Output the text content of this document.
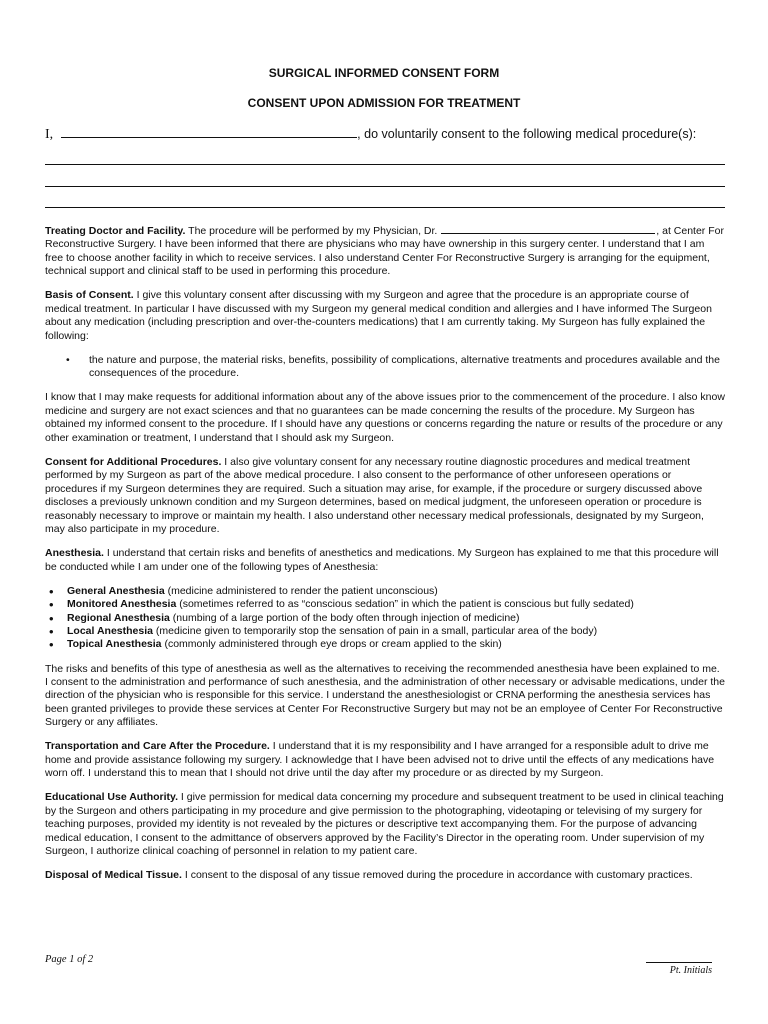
SURGICAL INFORMED CONSENT FORM
CONSENT UPON ADMISSION FOR TREATMENT
I,	, do voluntarily consent to the following medical procedure(s):

Treating Doctor and Facility. The procedure will be performed by my Physician, Dr.	, at Center For Reconstructive Surgery. I have been informed that there are physicians who may have ownership in this surgery center. I understand that I am free to choose another facility in which to receive services. I also understand Center For Reconstructive Surgery is arranging for the equipment, technical support and clinical staff to be used in performing this procedure.

Basis of Consent. I give this voluntary consent after discussing with my Surgeon and agree that the procedure is an appropriate course of medical treatment. In particular I have discussed with my Surgeon my general medical condition and allergies and I have informed The Surgeon about any medication (including prescription and over-the-counters medications) that I am currently taking. My Surgeon has fully explained the following:

• the nature and purpose, the material risks, benefits, possibility of complications, alternative treatments and procedures available and the consequences of the procedure.

I know that I may make requests for additional information about any of the above issues prior to the commencement of the procedure. I also know medicine and surgery are not exact sciences and that no guarantees can be made concerning the results of the procedure. My Surgeon has obtained my informed consent to the procedure. If I should have any questions or concerns regarding the nature or results of the procedure or any other examination or treatment, I understand that I should ask my Surgeon.

Consent for Additional Procedures. I also give voluntary consent for any necessary routine diagnostic procedures and medical treatment performed by my Surgeon as part of the above medical procedure. I also consent to the performance of other unforeseen operations or procedures if my Surgeon determines they are required. Such a situation may arise, for example, if the procedure or surgery discussed above discloses a previously unknown condition and my Surgeon determines, based on medical judgment, the unforeseen operation or procedure is reasonably necessary to improve or maintain my health. I also understand other necessary medical professionals, designated by my Surgeon, may also participate in my procedure.

Anesthesia. I understand that certain risks and benefits of anesthetics and medications. My Surgeon has explained to me that this procedure will be conducted while I am under one of the following types of Anesthesia:

• General Anesthesia (medicine administered to render the patient unconscious)
• Monitored Anesthesia (sometimes referred to as “conscious sedation” in which the patient is conscious but fully sedated)
• Regional Anesthesia (numbing of a large portion of the body often through injection of medicine)
• Local Anesthesia (medicine given to temporarily stop the sensation of pain in a small, particular area of the body)
• Topical Anesthesia (commonly administered through eye drops or cream applied to the skin)

The risks and benefits of this type of anesthesia as well as the alternatives to receiving the recommended anesthesia have been explained to me. I consent to the administration and performance of such anesthesia, and the administration of other necessary or advisable medications, under the direction of the physician who is responsible for this service. I understand the anesthesiologist or CRNA performing the anesthesia services has been granted privileges to provide these services at Center For Reconstructive Surgery but may not be an employee of Center For Reconstructive Surgery or any affiliates.

Transportation and Care After the Procedure. I understand that it is my responsibility and I have arranged for a responsible adult to drive me home and provide assistance following my surgery. I acknowledge that I have been advised not to drive until the effects of any medications have worn off. I understand this to mean that I should not drive until the day after my procedure or as directed by my Surgeon.

Educational Use Authority. I give permission for medical data concerning my procedure and subsequent treatment to be used in clinical teaching by the Surgeon and others participating in my procedure and give permission to the photographing, videotaping or televising of my surgery for teaching purposes, provided my identity is not revealed by the pictures or descriptive text accompanying them. For the purpose of advancing medical education, I consent to the admittance of observers approved by the Facility’s Director in the operating room. Under supervision of my Surgeon, I authorize clinical coaching of personnel in relation to my patient care.

Disposal of Medical Tissue. I consent to the disposal of any tissue removed during the procedure in accordance with customary practices.

Page 1 of 2
Pt. Initials
